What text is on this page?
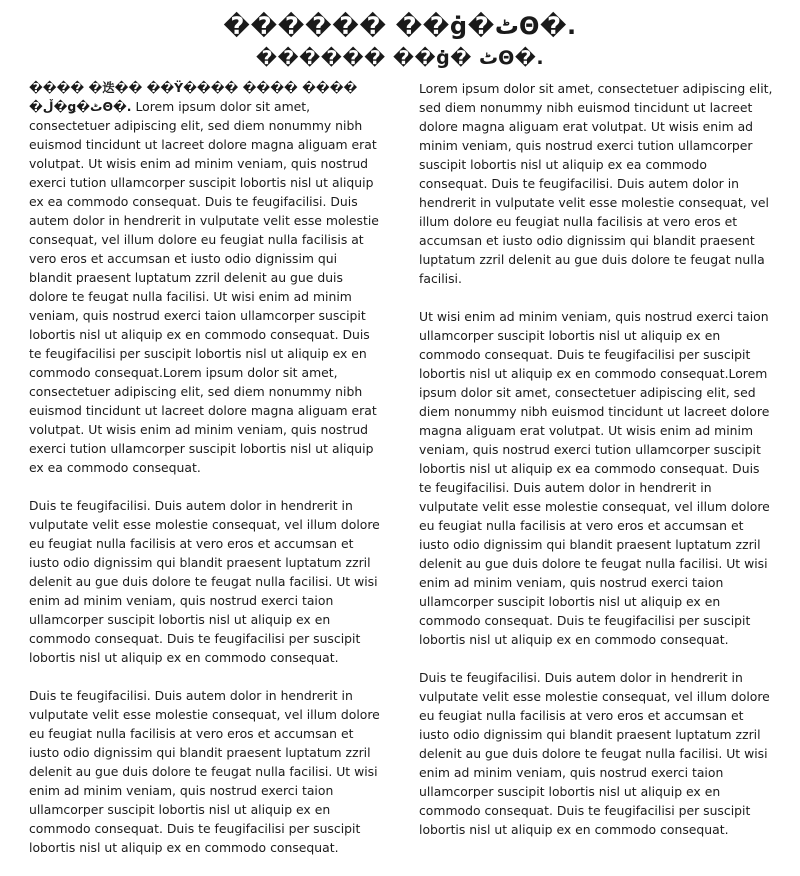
������ ��ġ�ٹΘ�.
������ ��ġ� ٹΘ�.

���� �迭�� ��Ÿ���� ���� ���� �ڵ�ǥ�ٹΘ�. Lorem ipsum dolor sit amet, consectetuer adipiscing elit, sed diem nonummy nibh euismod tincidunt ut lacreet dolore magna aliguam erat volutpat. Ut wisis enim ad minim veniam, quis nostrud exerci tution ullamcorper suscipit lobortis nisl ut aliquip ex ea commodo consequat. Duis te feugifacilisi. Duis autem dolor in hendrerit in vulputate velit esse molestie consequat, vel illum dolore eu feugiat nulla facilisis at vero eros et accumsan et iusto odio dignissim qui blandit praesent luptatum zzril delenit au gue duis dolore te feugat nulla facilisi. Ut wisi enim ad minim veniam, quis nostrud exerci taion ullamcorper suscipit lobortis nisl ut aliquip ex en commodo consequat. Duis te feugifacilisi per suscipit lobortis nisl ut aliquip ex en commodo consequat.Lorem ipsum dolor sit amet, consectetuer adipiscing elit, sed diem nonummy nibh euismod tincidunt ut lacreet dolore magna aliguam erat volutpat. Ut wisis enim ad minim veniam, quis nostrud exerci tution ullamcorper suscipit lobortis nisl ut aliquip ex ea commodo consequat.

Duis te feugifacilisi. Duis autem dolor in hendrerit in vulputate velit esse molestie consequat, vel illum dolore eu feugiat nulla facilisis at vero eros et accumsan et iusto odio dignissim qui blandit praesent luptatum zzril delenit au gue duis dolore te feugat nulla facilisi. Ut wisi enim ad minim veniam, quis nostrud exerci taion ullamcorper suscipit lobortis nisl ut aliquip ex en commodo consequat. Duis te feugifacilisi per suscipit lobortis nisl ut aliquip ex en commodo consequat.

Duis te feugifacilisi. Duis autem dolor in hendrerit in vulputate velit esse molestie consequat, vel illum dolore eu feugiat nulla facilisis at vero eros et accumsan et iusto odio dignissim qui blandit praesent luptatum zzril delenit au gue duis dolore te feugat nulla facilisi. Ut wisi enim ad minim veniam, quis nostrud exerci taion ullamcorper suscipit lobortis nisl ut aliquip ex en commodo consequat. Duis te feugifacilisi per suscipit lobortis nisl ut aliquip ex en commodo consequat.

Lorem ipsum dolor sit amet, consectetuer adipiscing elit, sed diem nonummy nibh euismod tincidunt ut lacreet dolore magna aliguam erat volutpat. Ut wisis enim ad minim veniam, quis nostrud exerci tution ullamcorper suscipit lobortis nisl ut aliquip ex ea commodo consequat. Duis te feugifacilisi. Duis autem dolor in hendrerit in vulputate velit esse molestie consequat, vel illum dolore eu feugiat nulla facilisis at vero eros et accumsan et iusto odio dignissim qui blandit praesent luptatum zzril delenit au gue duis dolore te feugat nulla facilisi.

Ut wisi enim ad minim veniam, quis nostrud exerci taion ullamcorper suscipit lobortis nisl ut aliquip ex en commodo consequat. Duis te feugifacilisi per suscipit lobortis nisl ut aliquip ex en commodo consequat.Lorem ipsum dolor sit amet, consectetuer adipiscing elit, sed diem nonummy nibh euismod tincidunt ut lacreet dolore magna aliguam erat volutpat. Ut wisis enim ad minim veniam, quis nostrud exerci tution ullamcorper suscipit lobortis nisl ut aliquip ex ea commodo consequat. Duis te feugifacilisi. Duis autem dolor in hendrerit in vulputate velit esse molestie consequat, vel illum dolore eu feugiat nulla facilisis at vero eros et accumsan et iusto odio dignissim qui blandit praesent luptatum zzril delenit au gue duis dolore te feugat nulla facilisi. Ut wisi enim ad minim veniam, quis nostrud exerci taion ullamcorper suscipit lobortis nisl ut aliquip ex en commodo consequat. Duis te feugifacilisi per suscipit lobortis nisl ut aliquip ex en commodo consequat.

Duis te feugifacilisi. Duis autem dolor in hendrerit in vulputate velit esse molestie consequat, vel illum dolore eu feugiat nulla facilisis at vero eros et accumsan et iusto odio dignissim qui blandit praesent luptatum zzril delenit au gue duis dolore te feugat nulla facilisi. Ut wisi enim ad minim veniam, quis nostrud exerci taion ullamcorper suscipit lobortis nisl ut aliquip ex en commodo consequat. Duis te feugifacilisi per suscipit lobortis nisl ut aliquip ex en commodo consequat.
